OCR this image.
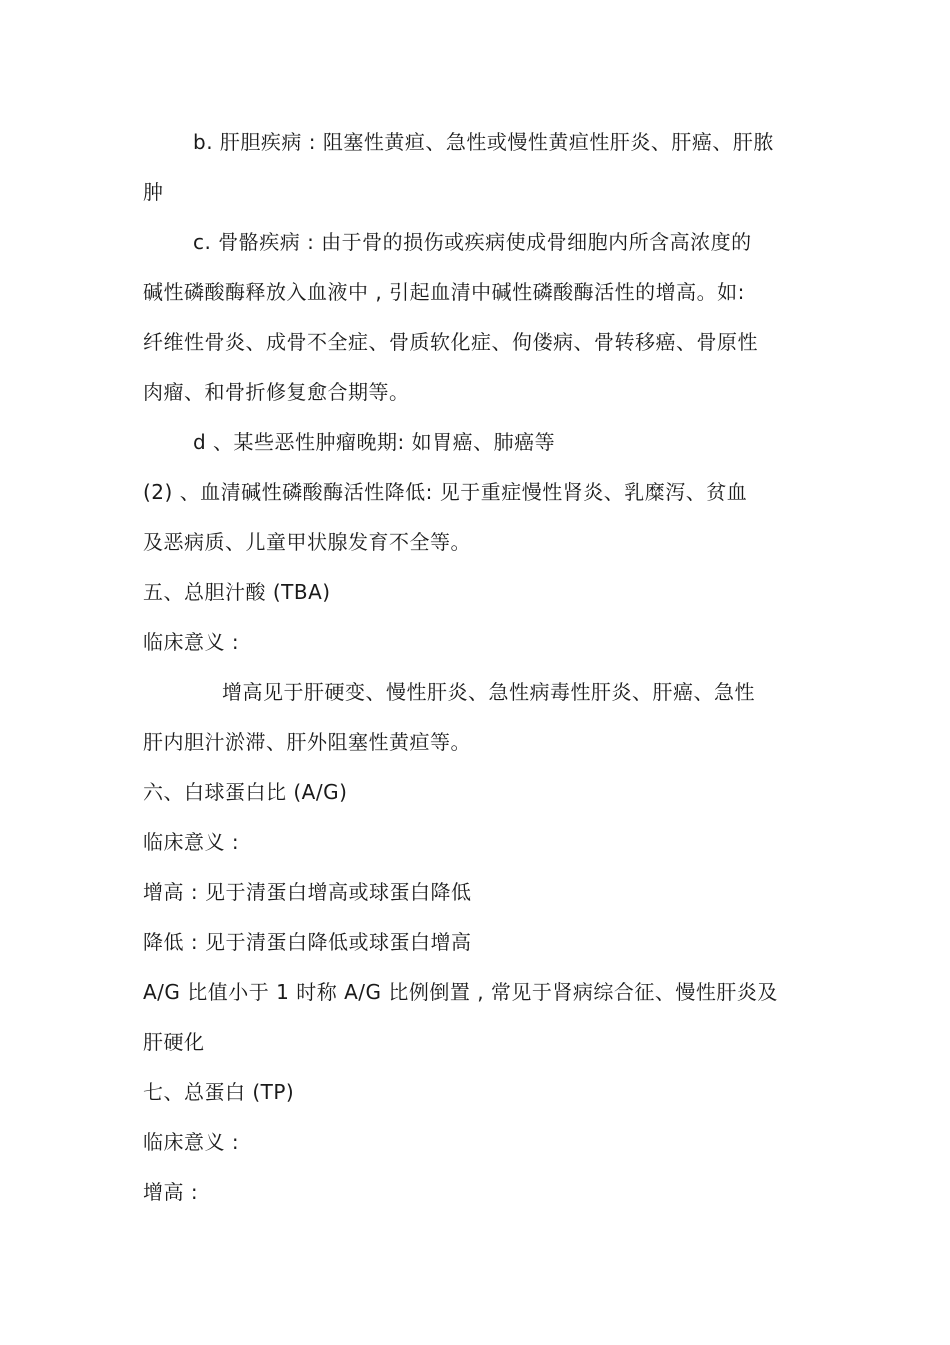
b. 肝胆疾病 : 阻塞性黄疸、急性或慢性黄疸性肝炎、肝癌、肝脓
肿
c. 骨骼疾病 : 由于骨的损伤或疾病使成骨细胞内所含高浓度的
碱性磷酸酶释放入血液中 , 引起血清中碱性磷酸酶活性的增高。如:
纤维性骨炎、成骨不全症、骨质软化症、佝偻病、骨转移癌、骨原性
肉瘤、和骨折修复愈合期等。
d 、某些恶性肿瘤晚期: 如胃癌、肺癌等
(2) 、血清碱性磷酸酶活性降低: 见于重症慢性肾炎、乳糜泻、贫血
及恶病质、儿童甲状腺发育不全等。
五、总胆汁酸 (TBA)
临床意义 :
增高见于肝硬变、慢性肝炎、急性病毒性肝炎、肝癌、急性
肝内胆汁淤滞、肝外阻塞性黄疸等。
六、白球蛋白比 (A/G)
临床意义 :
增高 : 见于清蛋白增高或球蛋白降低
降低 : 见于清蛋白降低或球蛋白增高
A/G 比值小于 1 时称 A/G 比例倒置 , 常见于肾病综合征、慢性肝炎及
肝硬化
七、总蛋白 (TP)
临床意义 :
增高 :
